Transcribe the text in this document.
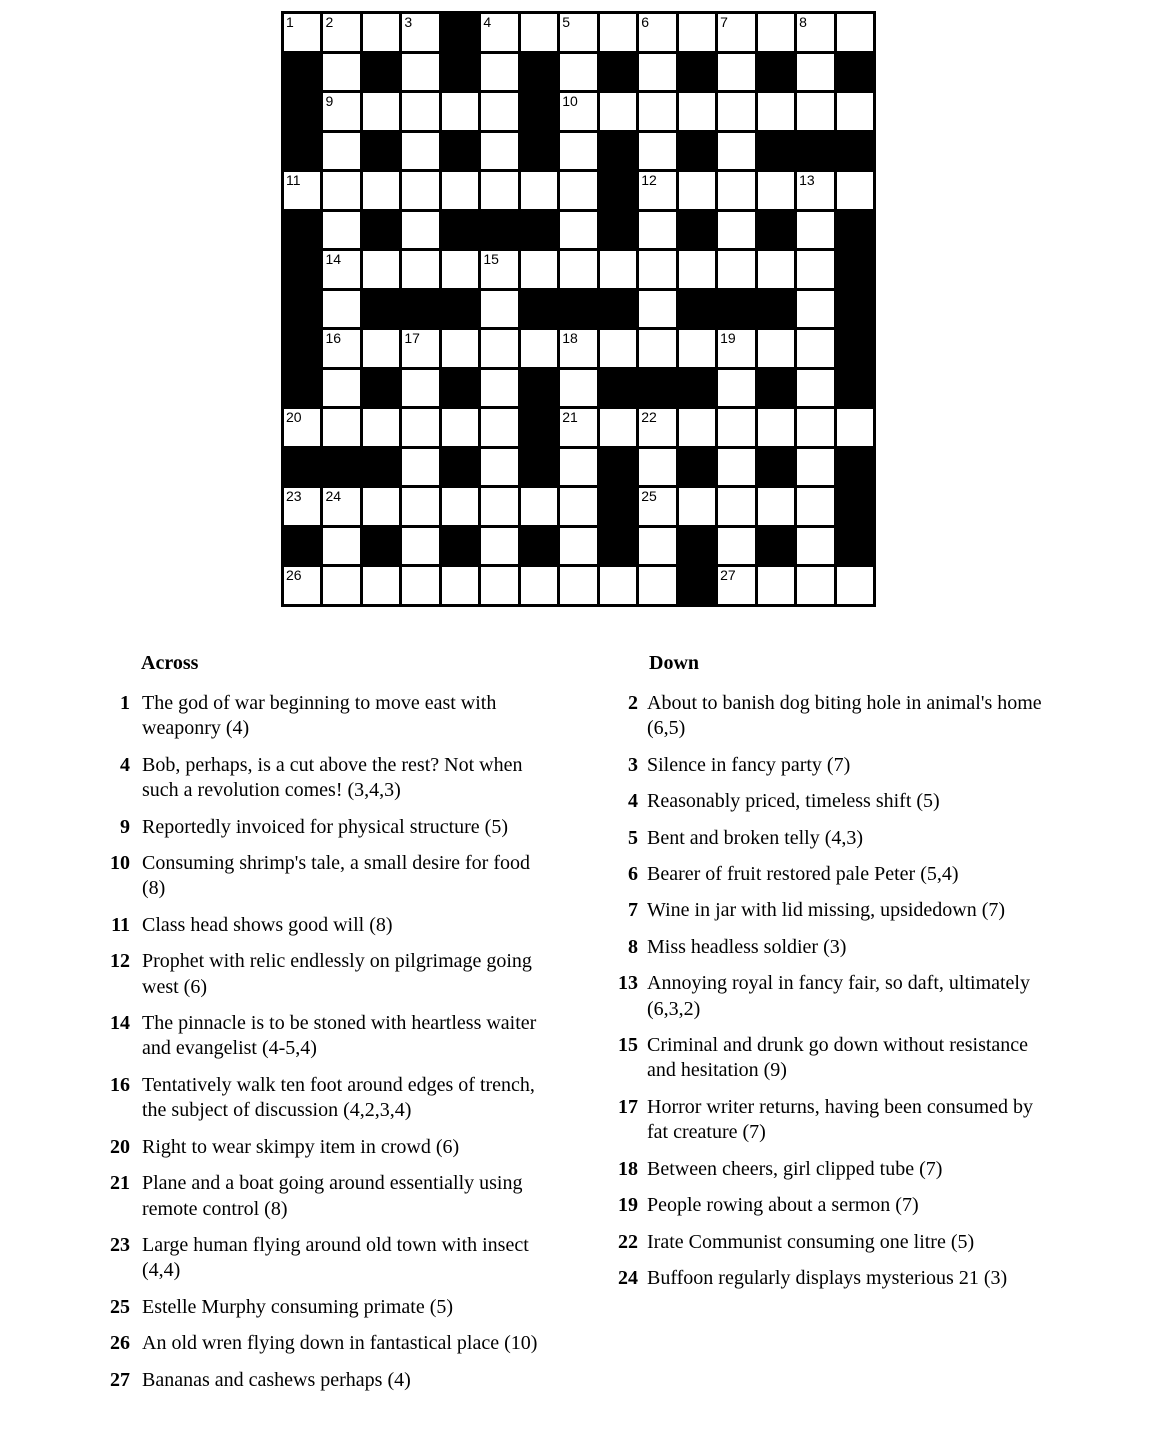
1 2	3	4	5	6	7	8
9	10
11	12	13
14	15
16	17	18	19
20	21	22
23 24	25
26	27
Across
1 The god of war beginning to move east with weaponry (4)
4 Bob, perhaps, is a cut above the rest? Not when such a revolution comes! (3,4,3)
9 Reportedly invoiced for physical structure (5)
10 Consuming shrimp's tale, a small desire for food (8)
11 Class head shows good will (8)
12 Prophet with relic endlessly on pilgrimage going west (6)
14 The pinnacle is to be stoned with heartless waiter and evangelist (4-5,4)
16 Tentatively walk ten foot around edges of trench, the subject of discussion (4,2,3,4)
20 Right to wear skimpy item in crowd (6)
21 Plane and a boat going around essentially using remote control (8)
23 Large human flying around old town with insect (4,4)
25 Estelle Murphy consuming primate (5)
26 An old wren flying down in fantastical place (10)
27 Bananas and cashews perhaps (4)
Down
2 About to banish dog biting hole in animal's home (6,5)
3 Silence in fancy party (7)
4 Reasonably priced, timeless shift (5)
5 Bent and broken telly (4,3)
6 Bearer of fruit restored pale Peter (5,4)
7 Wine in jar with lid missing, upsidedown (7)
8 Miss headless soldier (3)
13 Annoying royal in fancy fair, so daft, ultimately (6,3,2)
15 Criminal and drunk go down without resistance and hesitation (9)
17 Horror writer returns, having been consumed by fat creature (7)
18 Between cheers, girl clipped tube (7)
19 People rowing about a sermon (7)
22 Irate Communist consuming one litre (5)
24 Buffoon regularly displays mysterious 21 (3)
